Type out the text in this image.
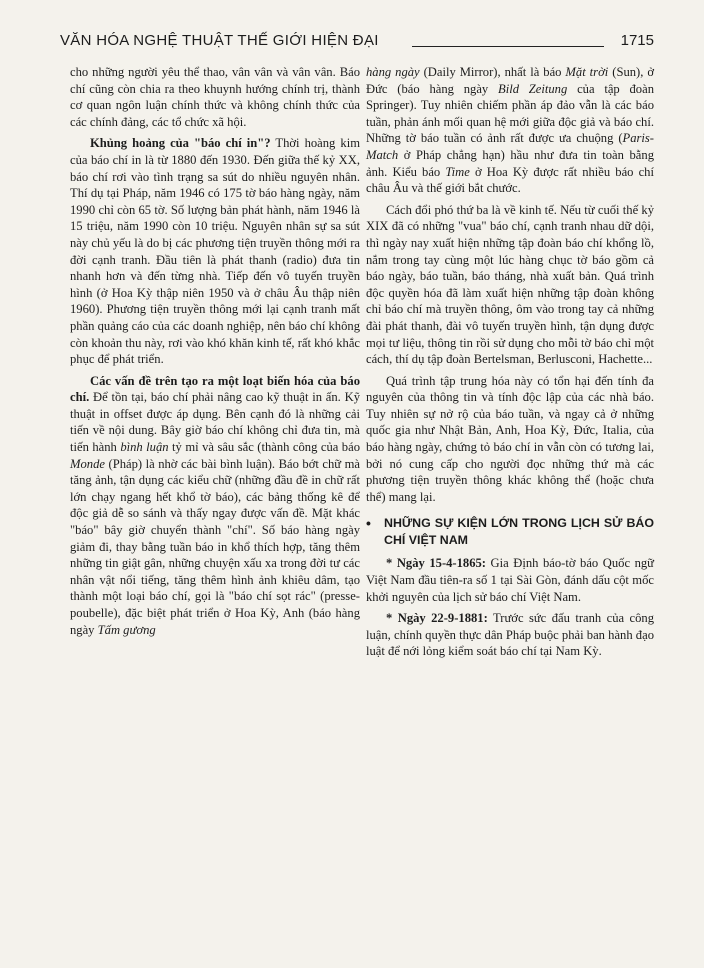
VĂN HÓA NGHỆ THUẬT THẾ GIỚI HIỆN ĐẠI	1715

cho những người yêu thể thao, vân vân và vân vân. Báo chí cũng còn chia ra theo khuynh hướng chính trị, thành cơ quan ngôn luận chính thức và không chính thức của các chính đảng, các tổ chức xã hội.

Khủng hoảng của "báo chí in"? Thời hoàng kim của báo chí in là từ 1880 đến 1930. Đến giữa thế kỷ XX, báo chí rơi vào tình trạng sa sút do nhiều nguyên nhân. Thí dụ tại Pháp, năm 1946 có 175 tờ báo hàng ngày, năm 1990 chỉ còn 65 tờ. Số lượng bản phát hành, năm 1946 là 15 triệu, năm 1990 còn 10 triệu. Nguyên nhân sự sa sút này chủ yếu là do bị các phương tiện truyền thông mới ra đời cạnh tranh. Đầu tiên là phát thanh (radio) đưa tin nhanh hơn và đến từng nhà. Tiếp đến vô tuyến truyền hình (ở Hoa Kỳ thập niên 1950 và ở châu Âu thập niên 1960). Phương tiện truyền thông mới lại cạnh tranh mất phần quảng cáo của các doanh nghiệp, nên báo chí không còn khoản thu này, rơi vào khó khăn kinh tế, rất khó khắc phục để phát triển.

Các vấn đề trên tạo ra một loạt biến hóa của báo chí. Để tồn tại, báo chí phải nâng cao kỹ thuật in ấn. Kỹ thuật in offset được áp dụng. Bên cạnh đó là những cải tiến về nội dung. Bây giờ báo chí không chỉ đưa tin, mà tiến hành bình luận tỷ mỉ và sâu sắc (thành công của báo Monde (Pháp) là nhờ các bài bình luận). Báo bớt chữ mà tăng ảnh, tận dụng các kiểu chữ (những đầu đề in chữ rất lớn chạy ngang hết khổ tờ báo), các bảng thống kê để độc giả dễ so sánh và thấy ngay được vấn đề. Mặt khác "báo" bây giờ chuyển thành "chí". Số báo hàng ngày giảm đi, thay bằng tuần báo in khổ thích hợp, tăng thêm những tin giật gân, những chuyện xấu xa trong đời tư các nhân vật nổi tiếng, tăng thêm hình ảnh khiêu dâm, tạo thành một loại báo chí, gọi là "báo chí sọt rác" (presse-poubelle), đặc biệt phát triển ở Hoa Kỳ, Anh (báo hàng ngày Tấm gương

hàng ngày (Daily Mirror), nhất là báo Mặt trời (Sun), ở Đức (báo hàng ngày Bild Zeitung của tập đoàn Springer). Tuy nhiên chiếm phần áp đảo vẫn là các báo tuần, phản ánh mối quan hệ mới giữa độc giả và báo chí. Những tờ báo tuần có ảnh rất được ưa chuộng (Paris-Match ở Pháp chẳng hạn) hầu như đưa tin toàn bằng ảnh. Kiểu báo Time ở Hoa Kỳ được rất nhiều báo chí châu Âu và thế giới bắt chước.

Cách đổi phó thứ ba là về kinh tế. Nếu từ cuối thế kỷ XIX đã có những "vua" báo chí, cạnh tranh nhau dữ dội, thì ngày nay xuất hiện những tập đoàn báo chí khổng lồ, nắm trong tay cùng một lúc hàng chục tờ báo gồm cả báo ngày, báo tuần, báo tháng, nhà xuất bản. Quá trình độc quyền hóa đã làm xuất hiện những tập đoàn không chỉ báo chí mà truyền thông, ôm vào trong tay cả những đài phát thanh, đài vô tuyến truyền hình, tận dụng được mọi tư liệu, thông tin rồi sử dụng cho mỗi tờ báo chỉ một cách, thí dụ tập đoàn Bertelsman, Berlusconi, Hachette...

Quá trình tập trung hóa này có tổn hại đến tính đa nguyên của thông tin và tính độc lập của các nhà báo. Tuy nhiên sự nở rộ của báo tuần, và ngay cả ở những quốc gia như Nhật Bản, Anh, Hoa Kỳ, Đức, Italia, của báo hàng ngày, chứng tỏ báo chí in vẫn còn có tương lai, bởi nó cung cấp cho người đọc những thứ mà các phương tiện truyền thông khác không thể (hoặc chưa thể) mang lại.

•	NHỮNG SỰ KIỆN LỚN TRONG LỊCH SỬ BÁO CHÍ VIỆT NAM

* Ngày 15-4-1865: Gia Định báo-tờ báo Quốc ngữ Việt Nam đầu tiên-ra số 1 tại Sài Gòn, đánh dấu cột mốc khởi nguyên của lịch sử báo chí Việt Nam.

* Ngày 22-9-1881: Trước sức đấu tranh của công luận, chính quyền thực dân Pháp buộc phải ban hành đạo luật để nới lỏng kiểm soát báo chí tại Nam Kỳ.
